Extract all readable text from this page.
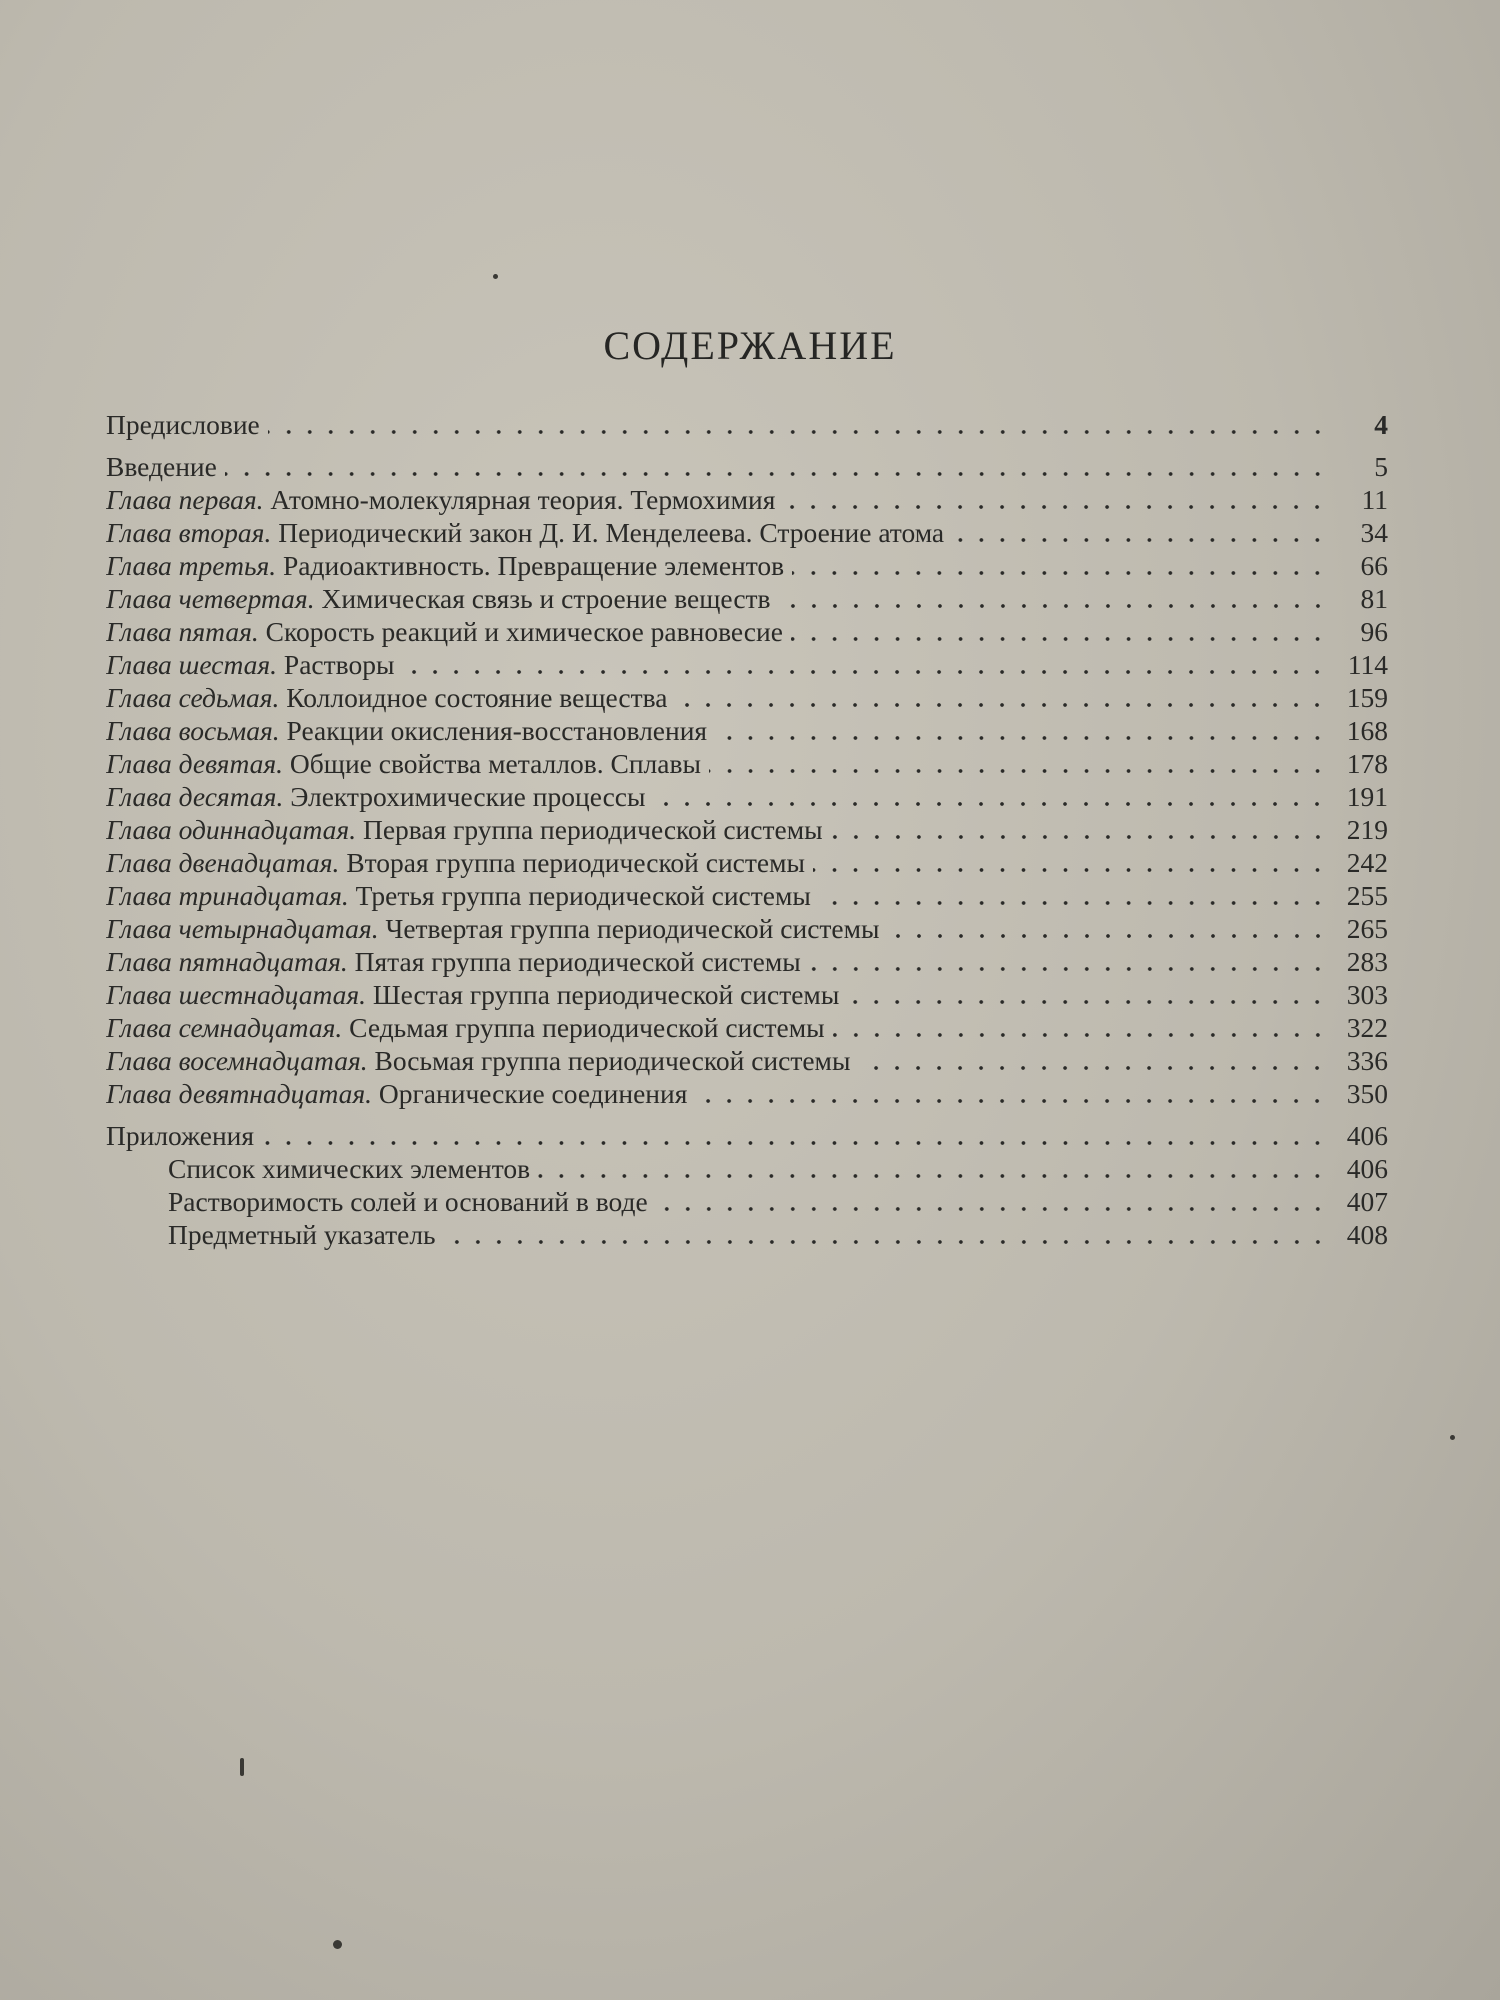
СОДЕРЖАНИЕ
Предисловие	4
Введение	5
Глава первая. Атомно-молекулярная теория. Термохимия	11
Глава вторая. Периодический закон Д. И. Менделеева. Строение атома	34
Глава третья. Радиоактивность. Превращение элементов	66
Глава четвертая. Химическая связь и строение веществ	81
Глава пятая. Скорость реакций и химическое равновесие	96
Глава шестая. Растворы	114
Глава седьмая. Коллоидное состояние вещества	159
Глава восьмая. Реакции окисления-восстановления	168
Глава девятая. Общие свойства металлов. Сплавы	178
Глава десятая. Электрохимические процессы	191
Глава одиннадцатая. Первая группа периодической системы	219
Глава двенадцатая. Вторая группа периодической системы	242
Глава тринадцатая. Третья группа периодической системы	255
Глава четырнадцатая. Четвертая группа периодической системы	265
Глава пятнадцатая. Пятая группа периодической системы	283
Глава шестнадцатая. Шестая группа периодической системы	303
Глава семнадцатая. Седьмая группа периодической системы	322
Глава восемнадцатая. Восьмая группа периодической системы	336
Глава девятнадцатая. Органические соединения	350
Приложения	406
Список химических элементов	406
Растворимость солей и оснований в воде	407
Предметный указатель	408
